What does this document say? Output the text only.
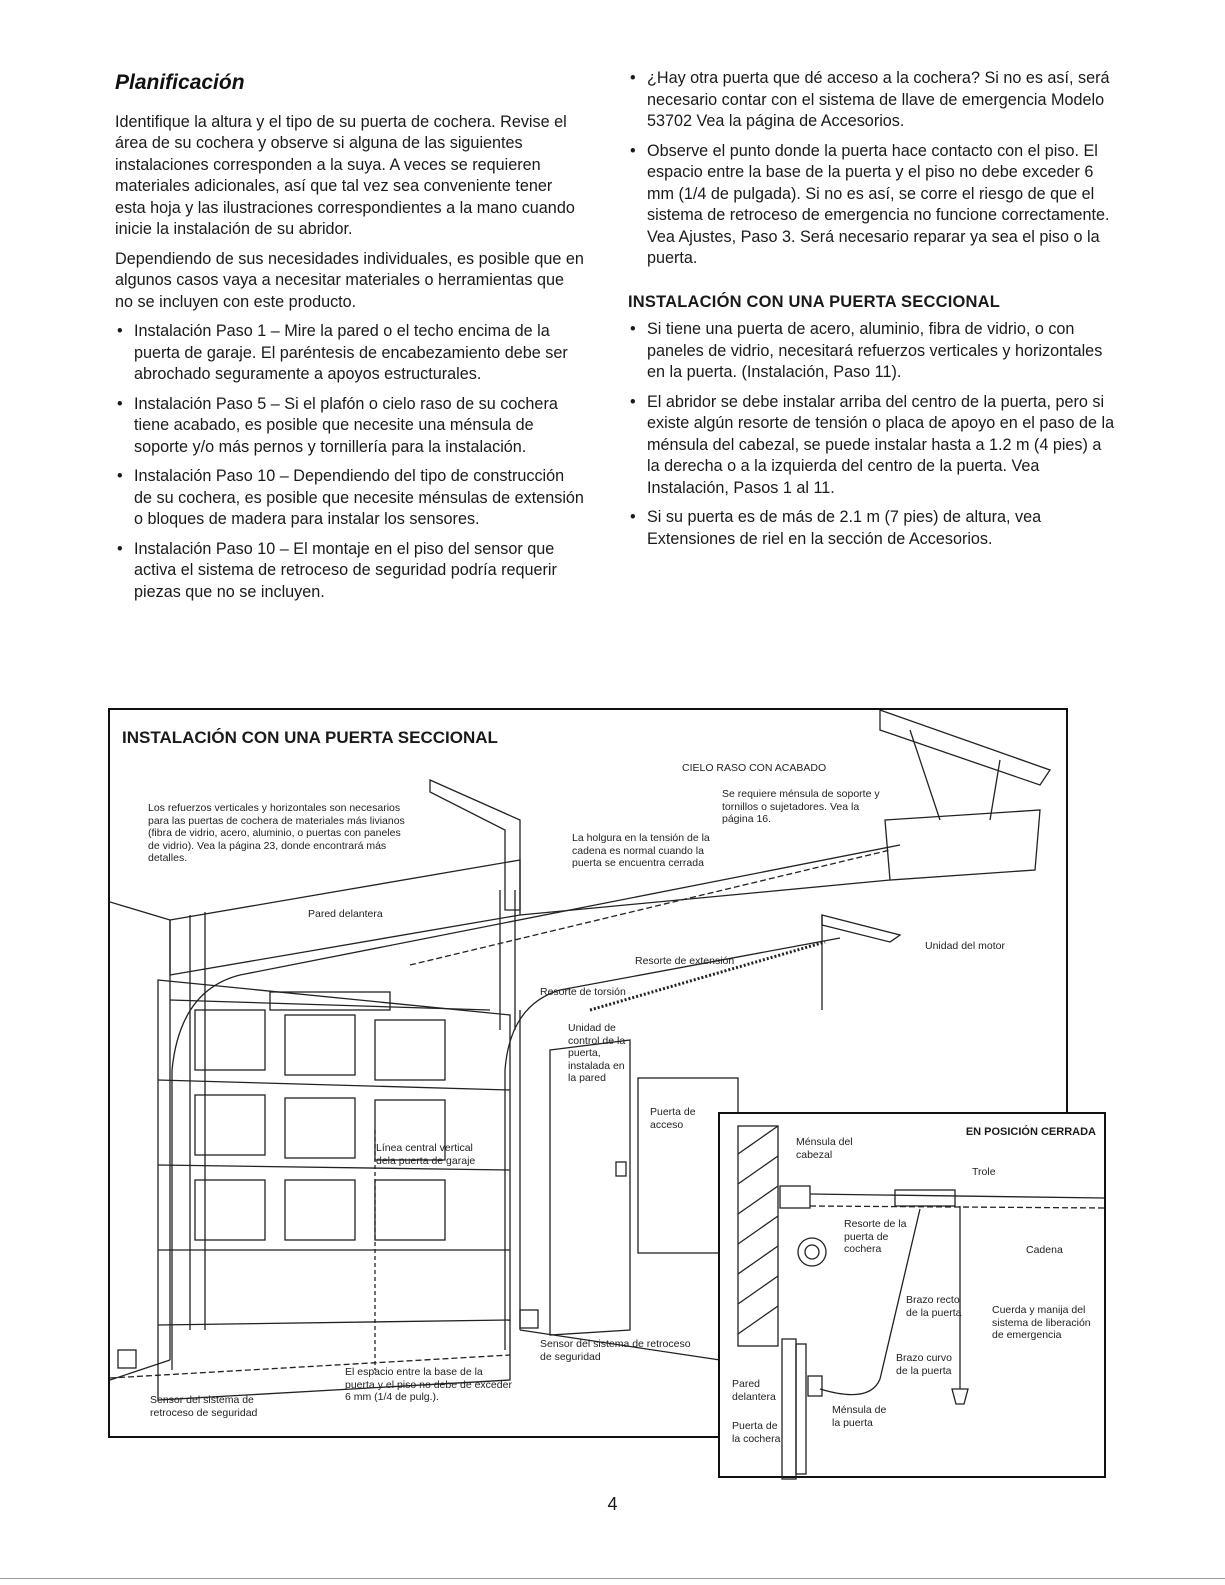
Planificación

Identifique la altura y el tipo de su puerta de cochera. Revise el área de su cochera y observe si alguna de las siguientes instalaciones corresponden a la suya. A veces se requieren materiales adicionales, así que tal vez sea conveniente tener esta hoja y las ilustraciones correspondientes a la mano cuando inicie la instalación de su abridor.

Dependiendo de sus necesidades individuales, es posible que en algunos casos vaya a necesitar materiales o herramientas que no se incluyen con este producto.

• Instalación Paso 1 – Mire la pared o el techo encima de la puerta de garaje. El paréntesis de encabezamiento debe ser abrochado seguramente a apoyos estructurales.
• Instalación Paso 5 – Si el plafón o cielo raso de su cochera tiene acabado, es posible que necesite una ménsula de soporte y/o más pernos y tornillería para la instalación.
• Instalación Paso 10 – Dependiendo del tipo de construcción de su cochera, es posible que necesite ménsulas de extensión o bloques de madera para instalar los sensores.
• Instalación Paso 10 – El montaje en el piso del sensor que activa el sistema de retroceso de seguridad podría requerir piezas que no se incluyen.
• ¿Hay otra puerta que dé acceso a la cochera? Si no es así, será necesario contar con el sistema de llave de emergencia Modelo 53702 Vea la página de Accesorios.
• Observe el punto donde la puerta hace contacto con el piso. El espacio entre la base de la puerta y el piso no debe exceder 6 mm (1/4 de pulgada). Si no es así, se corre el riesgo de que el sistema de retroceso de emergencia no funcione correctamente. Vea Ajustes, Paso 3. Será necesario reparar ya sea el piso o la puerta.
INSTALACIÓN CON UNA PUERTA SECCIONAL
• Si tiene una puerta de acero, aluminio, fibra de vidrio, o con paneles de vidrio, necesitará refuerzos verticales y horizontales en la puerta. (Instalación, Paso 11).
• El abridor se debe instalar arriba del centro de la puerta, pero si existe algún resorte de tensión o placa de apoyo en el paso de la ménsula del cabezal, se puede instalar hasta a 1.2 m (4 pies) a la derecha o a la izquierda del centro de la puerta. Vea Instalación, Pasos 1 al 11.
• Si su puerta es de más de 2.1 m (7 pies) de altura, vea Extensiones de riel en la sección de Accesorios.
INSTALACIÓN CON UNA PUERTA SECCIONAL
Los refuerzos verticales y horizontales son necesarios para las puertas de cochera de materiales más livianos (fibra de vidrio, acero, aluminio, o puertas con paneles de vidrio). Vea la página 23, donde encontrará más detalles.
Pared delantera
CIELO RASO CON ACABADO
Se requiere ménsula de soporte y tornillos o sujetadores. Vea la página 16.
La holgura en la tensión de la cadena es normal cuando la puerta se encuentra cerrada
Unidad del motor
Resorte de extensión
Resorte de torsión
Unidad de control de la puerta, instalada en la pared
Puerta de acceso
Línea central vertical dela puerta de garaje
Sensor del sistema de retroceso de seguridad
El espacio entre la base de la puerta y el piso no debe de exceder 6 mm (1/4 de pulg.).
Sensor del sistema de retroceso de seguridad
EN POSICIÓN CERRADA
Ménsula del cabezal
Trole
Cadena
Resorte de la puerta de cochera
Brazo recto de la puerta	Cuerda y manija del sistema de liberación de emergencia
Brazo curvo de la puerta
Pared delantera
Ménsula de la puerta
Puerta de la cochera
4
